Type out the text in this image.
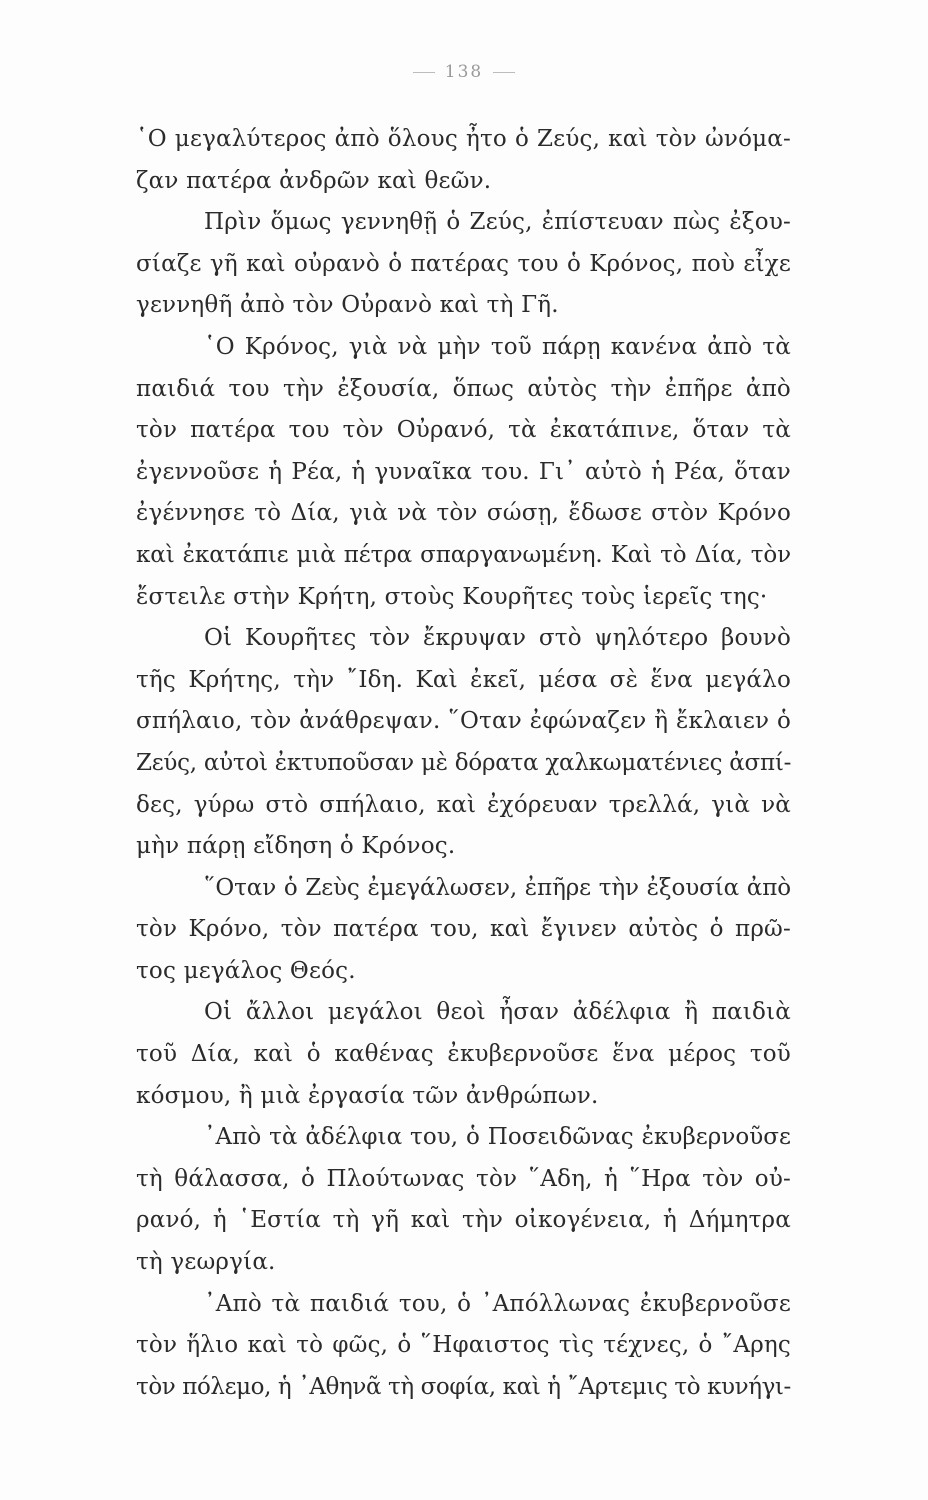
138
῾Ο μεγαλύτερος ἀπὸ ὅλους ἦτο ὁ Ζεύς, καὶ τὸν ὠνόμα-
ζαν πατέρα ἀνδρῶν καὶ θεῶν.
Πρὶν ὅμως γεννηθῇ ὁ Ζεύς, ἐπίστευαν πὼς ἐξου-
σίαζε γῆ καὶ οὐρανὸ ὁ πατέρας του ὁ Κρόνος, ποὺ εἶχε
γεννηθῆ ἀπὸ τὸν Οὐρανὸ καὶ τὴ Γῆ.
῾Ο Κρόνος, γιὰ νὰ μὴν τοῦ πάρῃ κανένα ἀπὸ τὰ
παιδιά του τὴν ἐξουσία, ὅπως αὐτὸς τὴν ἐπῆρε ἀπὸ
τὸν πατέρα του τὸν Οὐρανό, τὰ ἐκατάπινε, ὅταν τὰ
ἐγεννοῦσε ἡ Ρέα, ἡ γυναῖκα του. Γι᾿ αὐτὸ ἡ Ρέα, ὅταν
ἐγέννησε τὸ Δία, γιὰ νὰ τὸν σώσῃ, ἔδωσε στὸν Κρόνο
καὶ ἐκατάπιε μιὰ πέτρα σπαργανωμένη. Καὶ τὸ Δία, τὸν
ἔστειλε στὴν Κρήτη, στοὺς Κουρῆτες τοὺς ἱερεῖς της·
Οἱ Κουρῆτες τὸν ἔκρυψαν στὸ ψηλότερο βουνὸ
τῆς Κρήτης, τὴν ῎Ιδη. Καὶ ἐκεῖ, μέσα σὲ ἕνα μεγάλο
σπήλαιο, τὸν ἀνάθρεψαν. ῞Οταν ἐφώναζεν ἢ ἔκλαιεν ὁ
Ζεύς, αὐτοὶ ἐκτυποῦσαν μὲ δόρατα χαλκωματένιες ἀσπί-
δες, γύρω στὸ σπήλαιο, καὶ ἐχόρευαν τρελλά, γιὰ νὰ
μὴν πάρῃ εἴδηση ὁ Κρόνος.
῞Οταν ὁ Ζεὺς ἐμεγάλωσεν, ἐπῆρε τὴν ἐξουσία ἀπὸ
τὸν Κρόνο, τὸν πατέρα του, καὶ ἔγινεν αὐτὸς ὁ πρῶ-
τος μεγάλος Θεός.
Οἱ ἄλλοι μεγάλοι θεοὶ ἦσαν ἀδέλφια ἢ παιδιὰ
τοῦ Δία, καὶ ὁ καθένας ἐκυβερνοῦσε ἕνα μέρος τοῦ
κόσμου, ἢ μιὰ ἐργασία τῶν ἀνθρώπων.
᾿Απὸ τὰ ἀδέλφια του, ὁ Ποσειδῶνας ἐκυβερνοῦσε
τὴ θάλασσα, ὁ Πλούτωνας τὸν ῞Αδη, ἡ ῞Ηρα τὸν οὐ-
ρανό, ἡ ῾Εστία τὴ γῆ καὶ τὴν οἰκογένεια, ἡ Δήμητρα
τὴ γεωργία.
᾿Απὸ τὰ παιδιά του, ὁ ᾿Απόλλωνας ἐκυβερνοῦσε
τὸν ἥλιο καὶ τὸ φῶς, ὁ ῞Ηφαιστος τὶς τέχνες, ὁ ῎Αρης
τὸν πόλεμο, ἡ ᾿Αθηνᾶ τὴ σοφία, καὶ ἡ ῎Αρτεμις τὸ κυνήγι-
